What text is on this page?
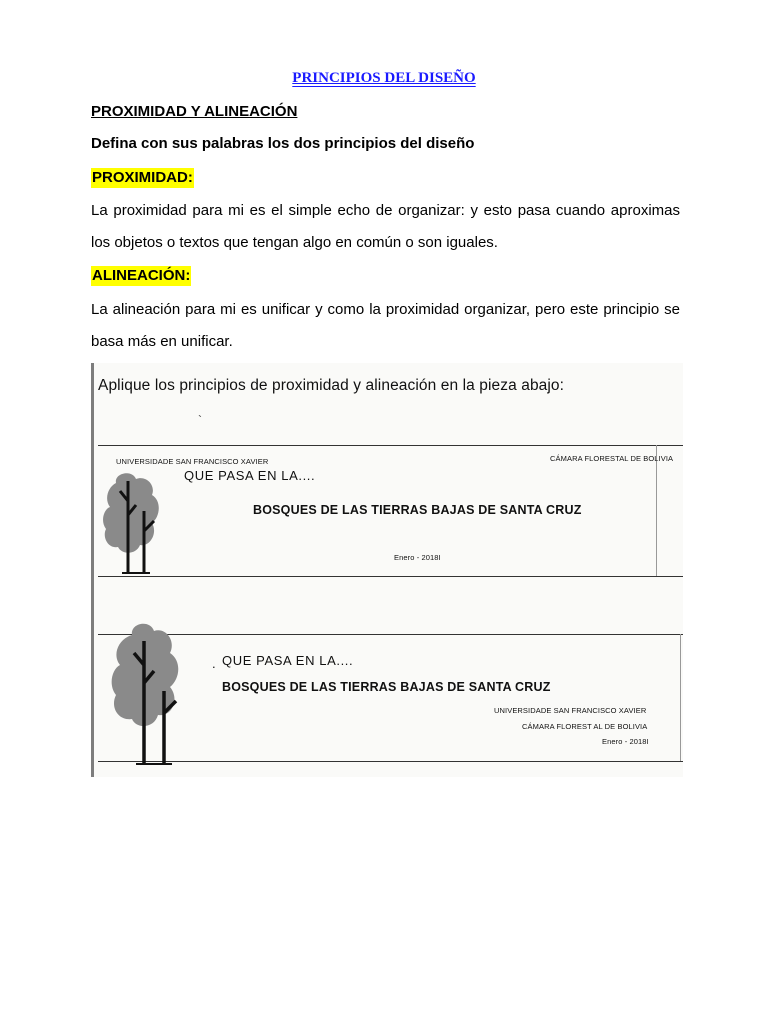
PRINCIPIOS DEL DISEÑO
PROXIMIDAD Y ALINEACIÓN
Defina con sus palabras los dos principios del diseño
PROXIMIDAD:
La proximidad para mi es el simple echo de organizar: y esto pasa cuando aproximas los objetos o textos que tengan algo en común o son iguales.
ALINEACIÓN:
La alineación para mi es unificar y como la proximidad organizar, pero este principio se basa más en unificar.
Aplique los principios de proximidad y alineación en la pieza abajo:
`
UNIVERSIDADE SAN FRANCISCO XAVIER	CÁMARA FLORESTAL DE BOLIVIA
QUE PASA EN LA....
BOSQUES DE LAS TIERRAS BAJAS DE SANTA CRUZ
Enero - 2018I
. QUE PASA EN LA....
BOSQUES DE LAS TIERRAS BAJAS DE SANTA CRUZ
UNIVERSIDADE SAN FRANCISCO XAVIER
CÁMARA FLOREST AL DE BOLIVIA
Enero - 2018I
